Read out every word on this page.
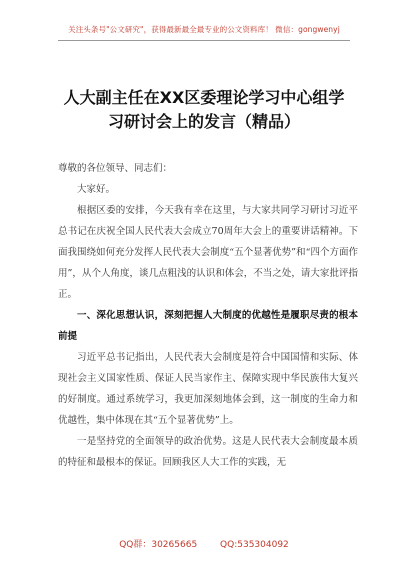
关注头条号"公文研究"，获得最新最全最专业的公文资料库！ 微信：gongwenyj
人大副主任在XX区委理论学习中心组学习研讨会上的发言（精品）

尊敬的各位领导、同志们：

大家好。

根据区委的安排，今天我有幸在这里，与大家共同学习研讨习近平总书记在庆祝全国人民代表大会成立70周年大会上的重要讲话精神。下面我围绕如何充分发挥人民代表大会制度“五个显著优势”和“四个方面作用”，从个人角度，谈几点粗浅的认识和体会，不当之处，请大家批评指正。

一、深化思想认识，深刻把握人大制度的优越性是履职尽责的根本前提

习近平总书记指出，人民代表大会制度是符合中国国情和实际、体现社会主义国家性质、保证人民当家作主、保障实现中华民族伟大复兴的好制度。通过系统学习，我更加深刻地体会到，这一制度的生命力和优越性，集中体现在其“五个显著优势”上。

一是坚持党的全面领导的政治优势。这是人民代表大会制度最本质的特征和最根本的保证。回顾我区人大工作的实践，无

QQ群：30265665	QQ:535304092
